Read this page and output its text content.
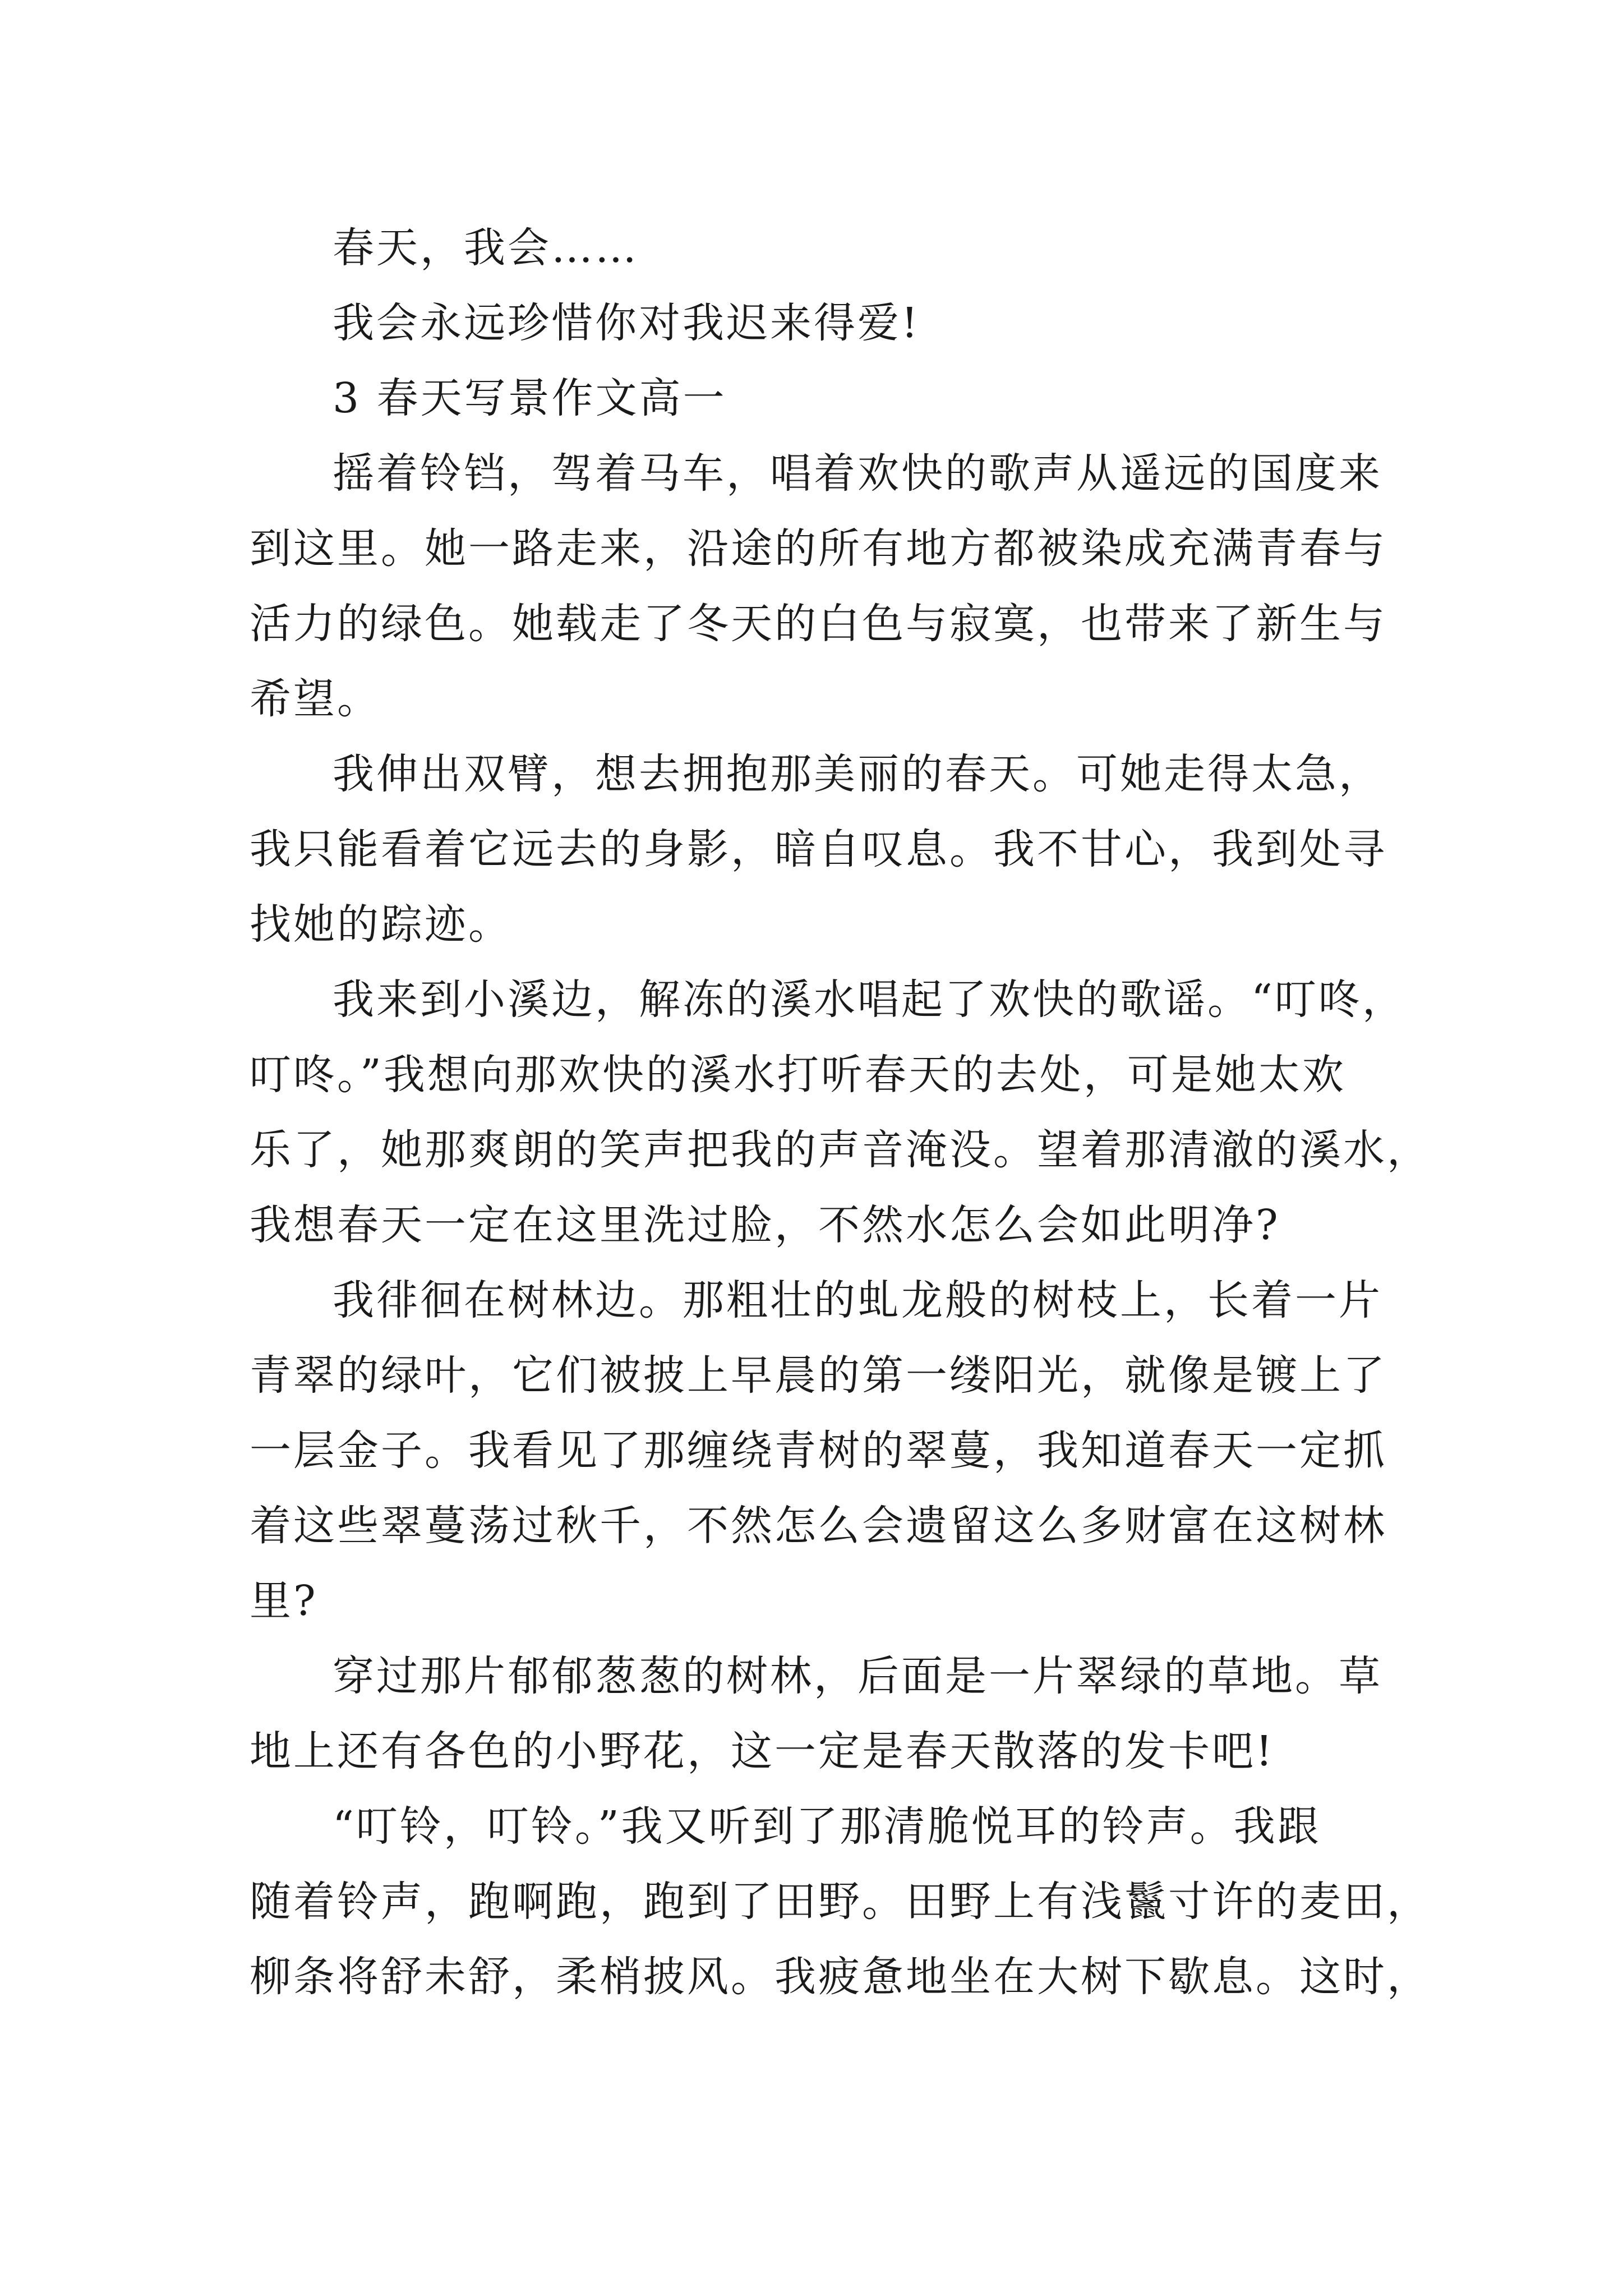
春天，我会……
我会永远珍惜你对我迟来得爱!
3 春天写景作文高一
摇着铃铛，驾着马车，唱着欢快的歌声从遥远的国度来
到这里。她一路走来，沿途的所有地方都被染成充满青春与
活力的绿色。她载走了冬天的白色与寂寞，也带来了新生与
希望。
我伸出双臂，想去拥抱那美丽的春天。可她走得太急，
我只能看着它远去的身影，暗自叹息。我不甘心，我到处寻
找她的踪迹。
我来到小溪边，解冻的溪水唱起了欢快的歌谣。“叮咚，
叮咚。”我想向那欢快的溪水打听春天的去处，可是她太欢
乐了，她那爽朗的笑声把我的声音淹没。望着那清澈的溪水，
我想春天一定在这里洗过脸，不然水怎么会如此明净?
我徘徊在树林边。那粗壮的虬龙般的树枝上，长着一片
青翠的绿叶，它们被披上早晨的第一缕阳光，就像是镀上了
一层金子。我看见了那缠绕青树的翠蔓，我知道春天一定抓
着这些翠蔓荡过秋千，不然怎么会遗留这么多财富在这树林
里?
穿过那片郁郁葱葱的树林，后面是一片翠绿的草地。草
地上还有各色的小野花，这一定是春天散落的发卡吧!
“叮铃，叮铃。”我又听到了那清脆悦耳的铃声。我跟
随着铃声，跑啊跑，跑到了田野。田野上有浅鬣寸许的麦田，
柳条将舒未舒，柔梢披风。我疲惫地坐在大树下歇息。这时，
